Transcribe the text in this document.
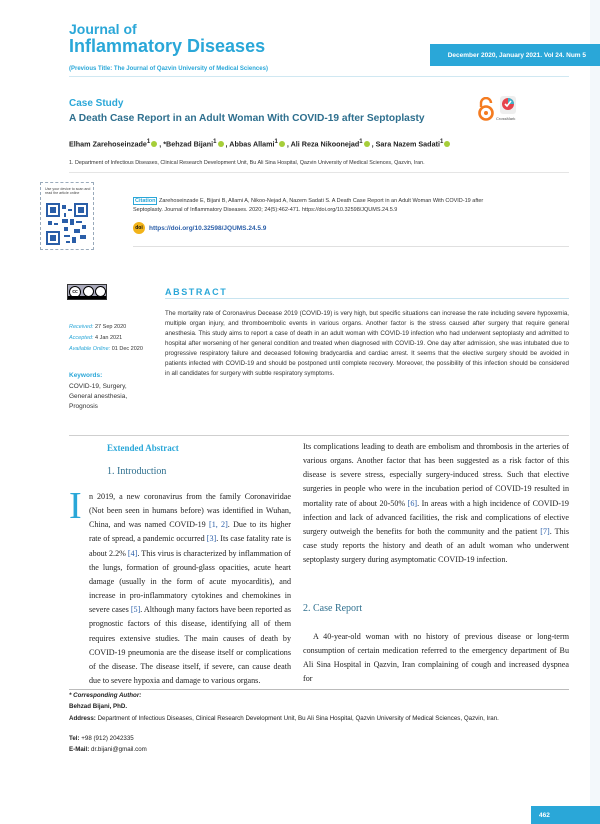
Journal of
Inflammatory Diseases
(Previous Title: The Journal of Qazvin University of Medical Sciences)
December 2020, January 2021. Vol 24. Num 5
Case Study
A Death Case Report in an Adult Woman With COVID-19 after Septoplasty	CrossMark
Elham Zarehoseinzade$^1$ , *Behzad Bijani$^1$ , Abbas Allami$^1$ , Ali Reza Nikoonejad$^1$ , Sara Nazem Sadati$^1$
1. Department of Infectious Diseases, Clinical Research Development Unit, Bu Ali Sina Hospital, Qazvin University of Medical Sciences, Qazvin, Iran.
Use your device to scan and read the article online
Citation Zarehoseinzade E, Bijani B, Allami A, Nikoo-Nejad A, Nazem Sadati S. A Death Case Report in an Adult Woman With COVID-19 after Septoplasty. Journal of Inflammatory Diseases. 2020; 24(5):462-471. https://doi.org/10.32598/JQUMS.24.5.9
doi https://doi.org/10.32598/JQUMS.24.5.9
cc
Received: 27 Sep 2020
Accepted: 4 Jan 2021
Available Online: 01 Dec 2020
Keywords:
COVID-19, Surgery, General anesthesia, Prognosis
ABSTRACT
The mortality rate of Coronavirus Decease 2019 (COVID-19) is very high, but specific situations can increase the rate including severe hypoxemia, multiple organ injury, and thromboembolic events in various organs. Another factor is the stress caused after surgery that require general anesthesia. This study aims to report a case of death in an adult woman with COVID-19 infection who had underwent septoplasty and admitted to hospital after worsening of her general condition and treated when diagnosed with COVID-19. One day after admission, she was intubated due to progressive respiratory failure and deceased following bradycardia and cardiac arrest. It seems that the elective surgery should be avoided in patients infected with COVID-19 and should be postponed until complete recovery. Moreover, the possibility of this infection should be considered in all candidates for surgery with subtle respiratory symptoms.
Extended Abstract
1. Introduction
I n 2019, a new coronavirus from the family Coronaviridae (Not been seen in humans before) was identified in Wuhan, China, and was named COVID-19 [1, 2]. Due to its higher rate of spread, a pandemic occurred [3]. Its case fatality rate is about 2.2% [4]. This virus is characterized by inflammation of the lungs, formation of ground-glass opacities, acute heart damage (usually in the form of acute myocarditis), and increase in pro-inflammatory cytokines and chemokines in severe cases [5]. Although many factors have been reported as prognostic factors of this disease, identifying all of them requires extensive studies. The main causes of death by COVID-19 pneumonia are the disease itself or complications of the disease. The disease itself, if severe, can cause death due to severe hypoxia and damage to various organs.
Its complications leading to death are embolism and thrombosis in the arteries of various organs. Another factor that has been suggested as a risk factor of this disease is severe stress, especially surgery-induced stress. Such that elective surgeries in people who were in the incubation period of COVID-19 resulted in mortality rate of about 20-50% [6]. In areas with a high incidence of COVID-19 infection and lack of advanced facilities, the risk and complications of elective surgery outweigh the benefits for both the community and the patient [7]. This case study reports the history and death of an adult woman who underwent septoplasty surgery during asymptomatic COVID-19 infection.
2. Case Report
A 40-year-old woman with no history of previous disease or long-term consumption of certain medication referred to the emergency department of Bu Ali Sina Hospital in Qazvin, Iran complaining of cough and increased dyspnea for
* Corresponding Author:
Behzad Bijani, PhD.
Address: Department of Infectious Diseases, Clinical Research Development Unit, Bu Ali Sina Hospital, Qazvin University of Medical Sciences, Qazvin, Iran.
Tel: +98 (912) 2042335
E-Mail: dr.bijani@gmail.com
462
